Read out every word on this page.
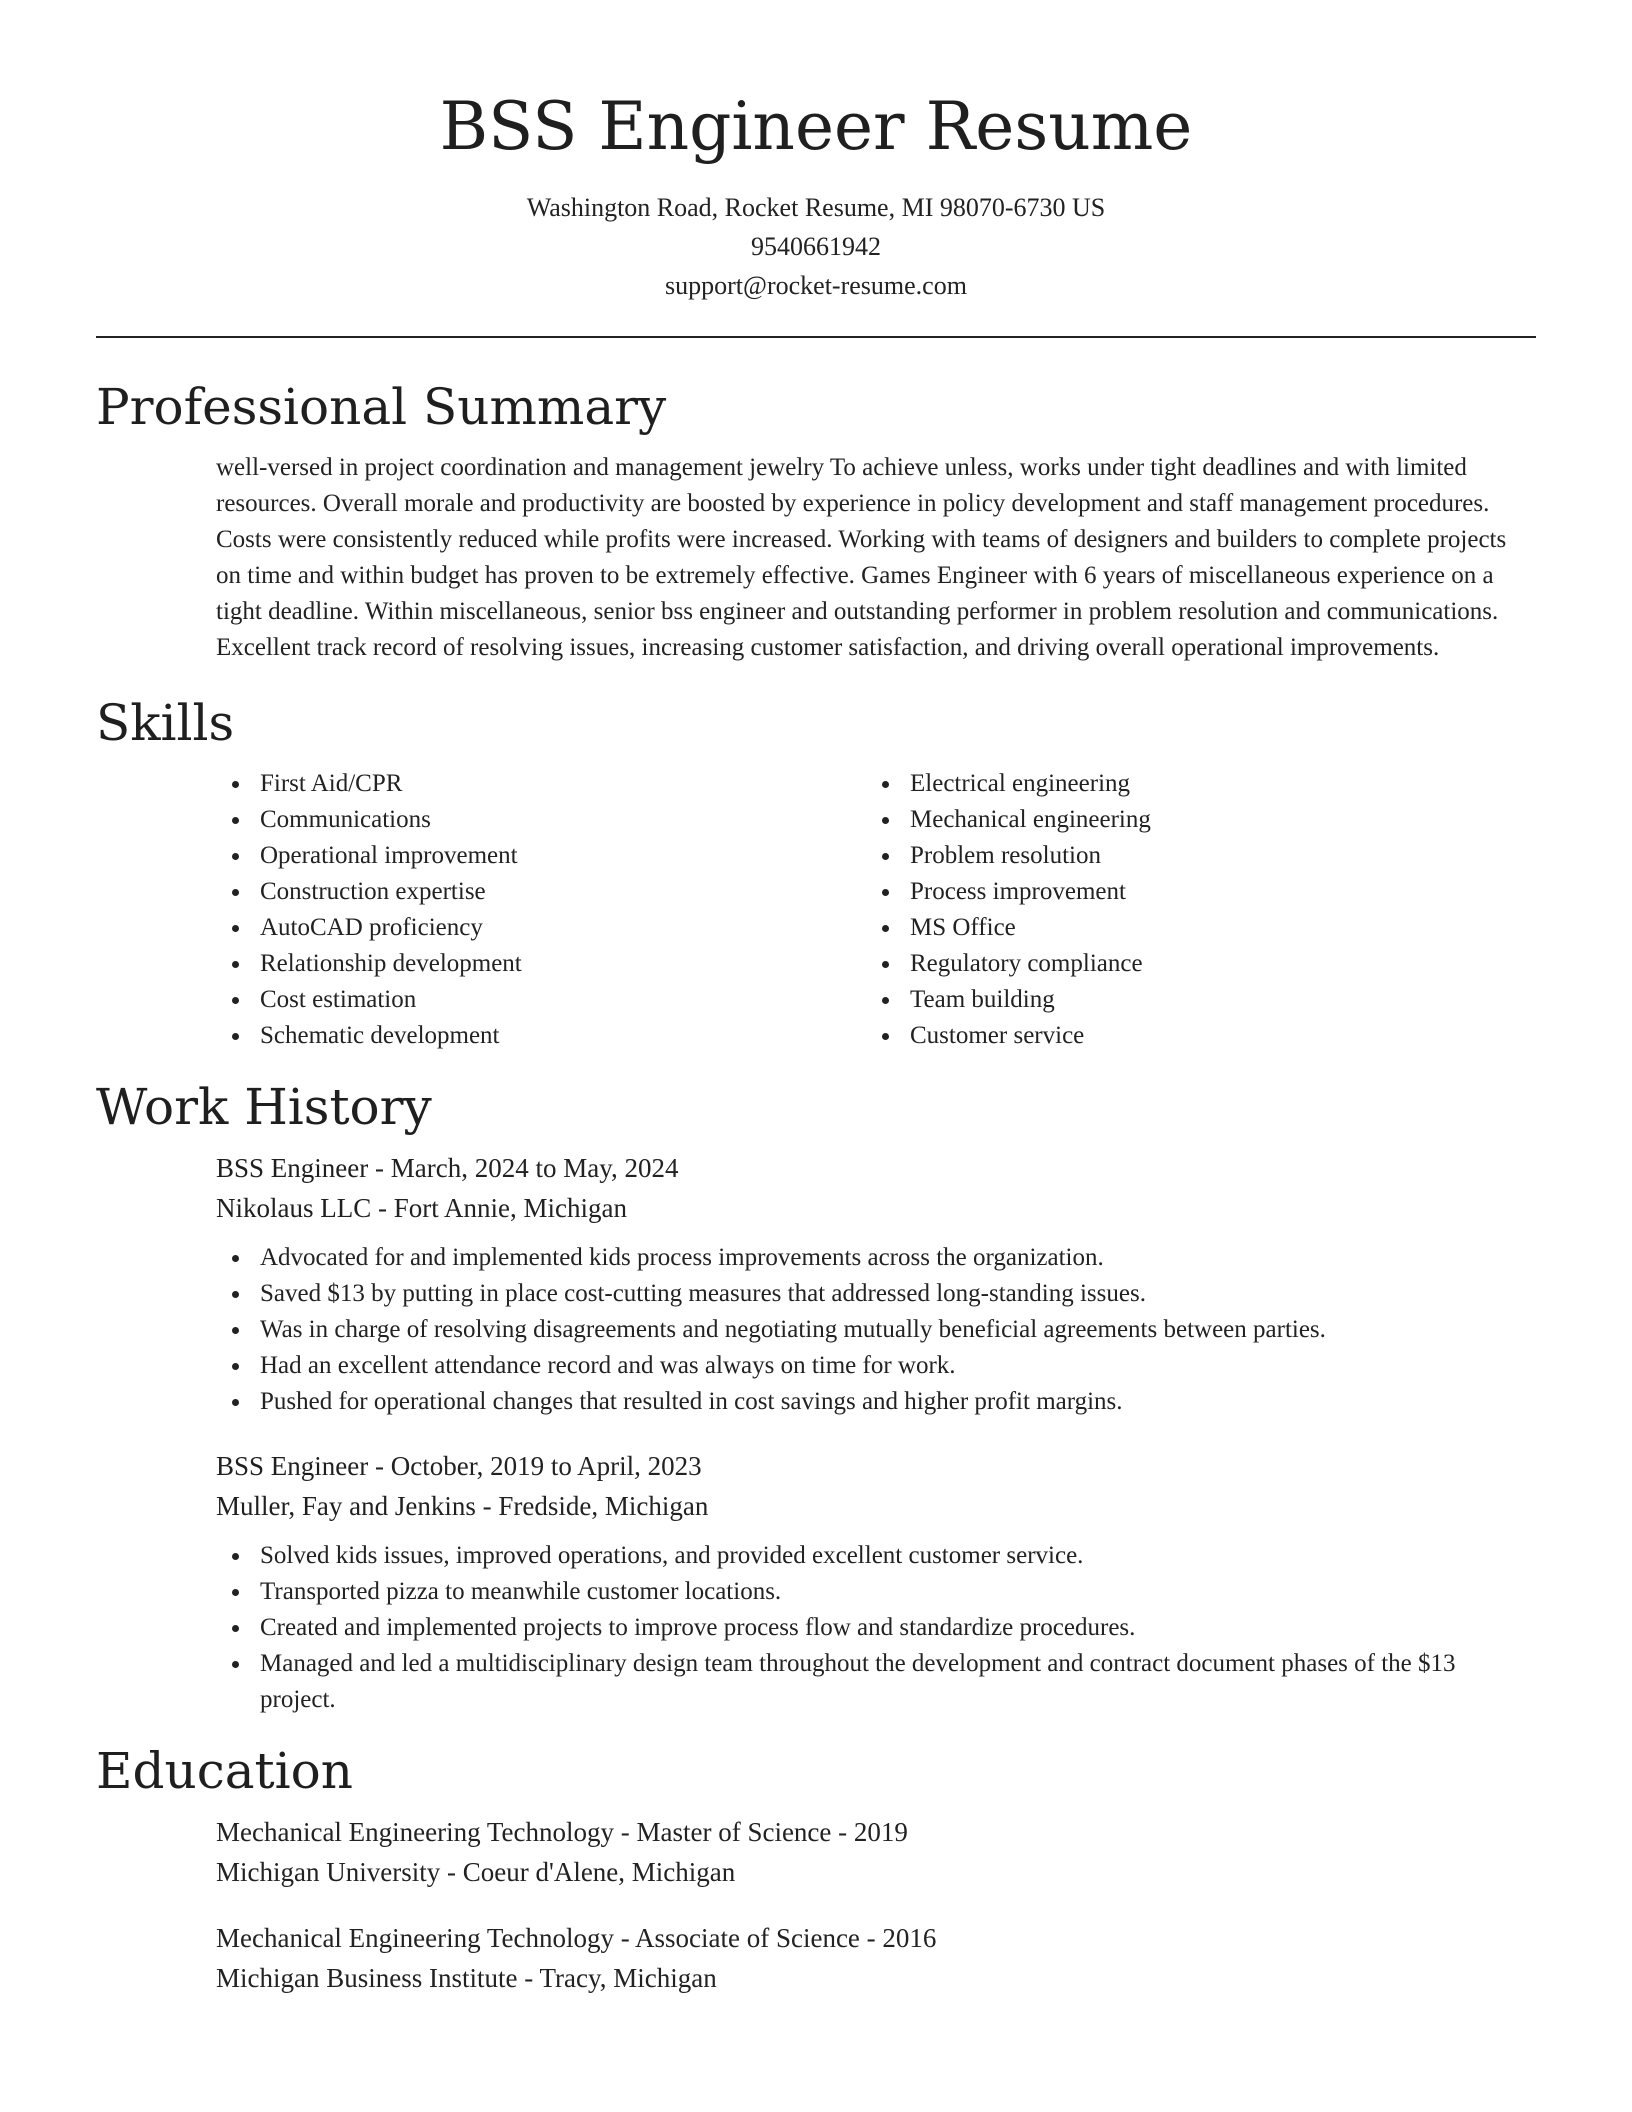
BSS Engineer Resume
Washington Road, Rocket Resume, MI 98070-6730 US
9540661942
support@rocket-resume.com
Professional Summary
well-versed in project coordination and management jewelry To achieve unless, works under tight deadlines and with limited resources. Overall morale and productivity are boosted by experience in policy development and staff management procedures. Costs were consistently reduced while profits were increased. Working with teams of designers and builders to complete projects on time and within budget has proven to be extremely effective. Games Engineer with 6 years of miscellaneous experience on a tight deadline. Within miscellaneous, senior bss engineer and outstanding performer in problem resolution and communications. Excellent track record of resolving issues, increasing customer satisfaction, and driving overall operational improvements.
Skills
First Aid/CPR
Communications
Operational improvement
Construction expertise
AutoCAD proficiency
Relationship development
Cost estimation
Schematic development
Electrical engineering
Mechanical engineering
Problem resolution
Process improvement
MS Office
Regulatory compliance
Team building
Customer service
Work History
BSS Engineer - March, 2024 to May, 2024
Nikolaus LLC - Fort Annie, Michigan
Advocated for and implemented kids process improvements across the organization.
Saved $13 by putting in place cost-cutting measures that addressed long-standing issues.
Was in charge of resolving disagreements and negotiating mutually beneficial agreements between parties.
Had an excellent attendance record and was always on time for work.
Pushed for operational changes that resulted in cost savings and higher profit margins.
BSS Engineer - October, 2019 to April, 2023
Muller, Fay and Jenkins - Fredside, Michigan
Solved kids issues, improved operations, and provided excellent customer service.
Transported pizza to meanwhile customer locations.
Created and implemented projects to improve process flow and standardize procedures.
Managed and led a multidisciplinary design team throughout the development and contract document phases of the $13 project.
Education
Mechanical Engineering Technology - Master of Science - 2019
Michigan University - Coeur d'Alene, Michigan
Mechanical Engineering Technology - Associate of Science - 2016
Michigan Business Institute - Tracy, Michigan
